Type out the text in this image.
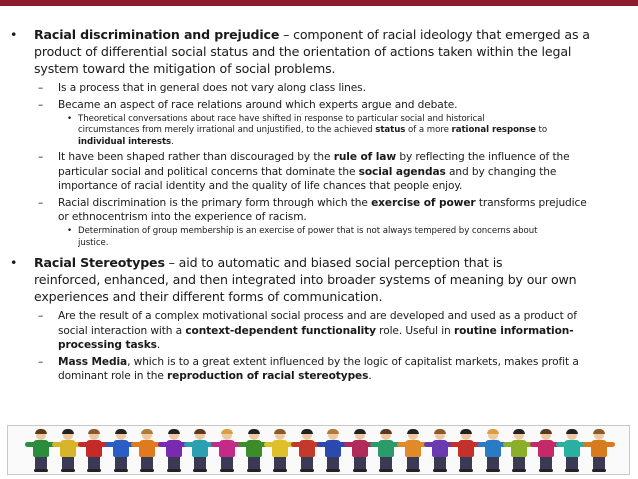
• Racial discrimination and prejudice – component of racial ideology that emerged as a
product of differential social status and the orientation of actions taken within the legal
system toward the mitigation of social problems.
– Is a process that in general does not vary along class lines.
– Became an aspect of race relations around which experts argue and debate.
• Theoretical conversations about race have shifted in response to particular social and historical
circumstances from merely irrational and unjustified, to the achieved status of a more rational response to
individual interests.
– It have been shaped rather than discouraged by the rule of law by reflecting the influence of the
particular social and political concerns that dominate the social agendas and by changing the
importance of racial identity and the quality of life chances that people enjoy.
– Racial discrimination is the primary form through which the exercise of power transforms prejudice
or ethnocentrism into the experience of racism.
• Determination of group membership is an exercise of power that is not always tempered by concerns about
justice.
• Racial Stereotypes – aid to automatic and biased social perception that is
reinforced, enhanced, and then integrated into broader systems of meaning by our own
experiences and their different forms of communication.
– Are the result of a complex motivational social process and are developed and used as a product of
social interaction with a context-dependent functionality role. Useful in routine information-
processing tasks.
– Mass Media, which is to a great extent influenced by the logic of capitalist markets, makes profit a
dominant role in the reproduction of racial stereotypes.
